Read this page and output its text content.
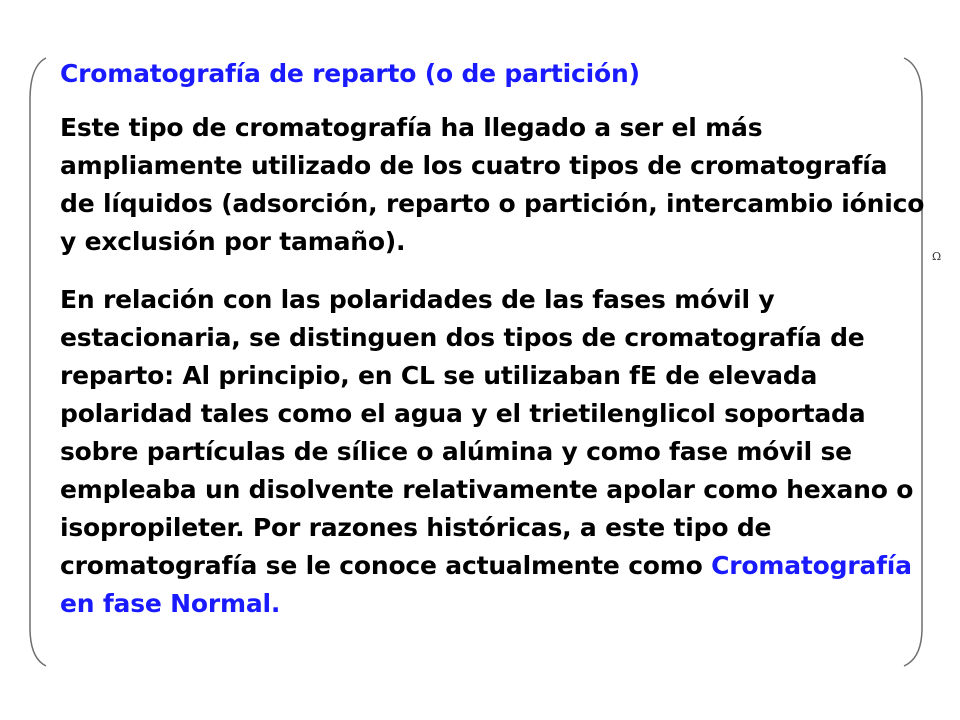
Ω
Cromatografía de reparto (o de partición)

Este tipo de cromatografía ha llegado a ser el más ampliamente utilizado de los cuatro tipos de cromatografía de líquidos (adsorción, reparto o partición, intercambio iónico y exclusión por tamaño).

En relación con las polaridades de las fases móvil y estacionaria, se distinguen dos tipos de cromatografía de reparto: Al principio, en CL se utilizaban fE de elevada polaridad tales como el agua y el trietilenglicol soportada sobre partículas de sílice o alúmina y como fase móvil se empleaba un disolvente relativamente apolar como hexano o isopropileter. Por razones históricas, a este tipo de cromatografía se le conoce actualmente como Cromatografía en fase Normal.
